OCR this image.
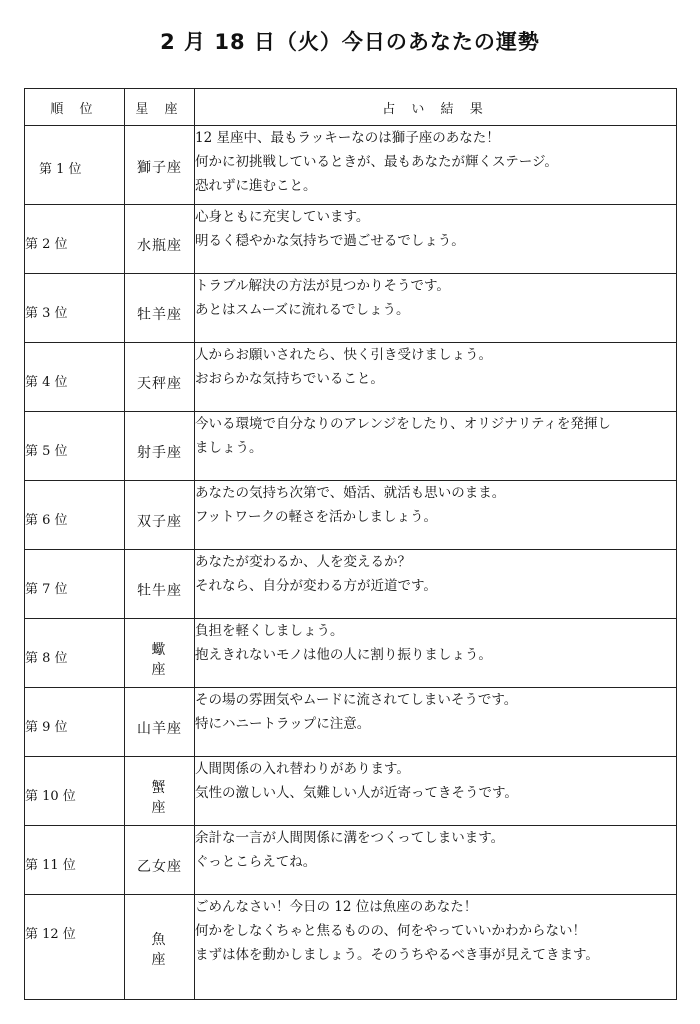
2 月 18 日（火）今日のあなたの運勢
順 位	星 座	占 い 結 果

第 1 位	獅子座	12 星座中、最もラッキーなのは獅子座のあなた！
何かに初挑戦しているときが、最もあなたが輝くステージ。
恐れずに進むこと。

第 2 位	水瓶座	心身ともに充実しています。
明るく穏やかな気持ちで過ごせるでしょう。

第 3 位	牡羊座	トラブル解決の方法が見つかりそうです。
あとはスムーズに流れるでしょう。

第 4 位	天秤座	人からお願いされたら、快く引き受けましょう。
おおらかな気持ちでいること。

第 5 位	射手座	今いる環境で自分なりのアレンジをしたり、オリジナリティを発揮し
ましょう。

第 6 位	双子座	あなたの気持ち次第で、婚活、就活も思いのまま。
フットワークの軽さを活かしましょう。

第 7 位	牡牛座	あなたが変わるか、人を変えるか？
それなら、自分が変わる方が近道です。

第 8 位	蠍 座	負担を軽くしましょう。
抱えきれないモノは他の人に割り振りましょう。

第 9 位	山羊座	その場の雰囲気やムードに流されてしまいそうです。
特にハニートラップに注意。

第 10 位	蟹 座	人間関係の入れ替わりがあります。
気性の激しい人、気難しい人が近寄ってきそうです。

第 11 位	乙女座	余計な一言が人間関係に溝をつくってしまいます。
ぐっとこらえてね。

第 12 位	魚 座	ごめんなさい！今日の 12 位は魚座のあなた！
何かをしなくちゃと焦るものの、何をやっていいかわからない！
まずは体を動かしましょう。そのうちやるべき事が見えてきます。
